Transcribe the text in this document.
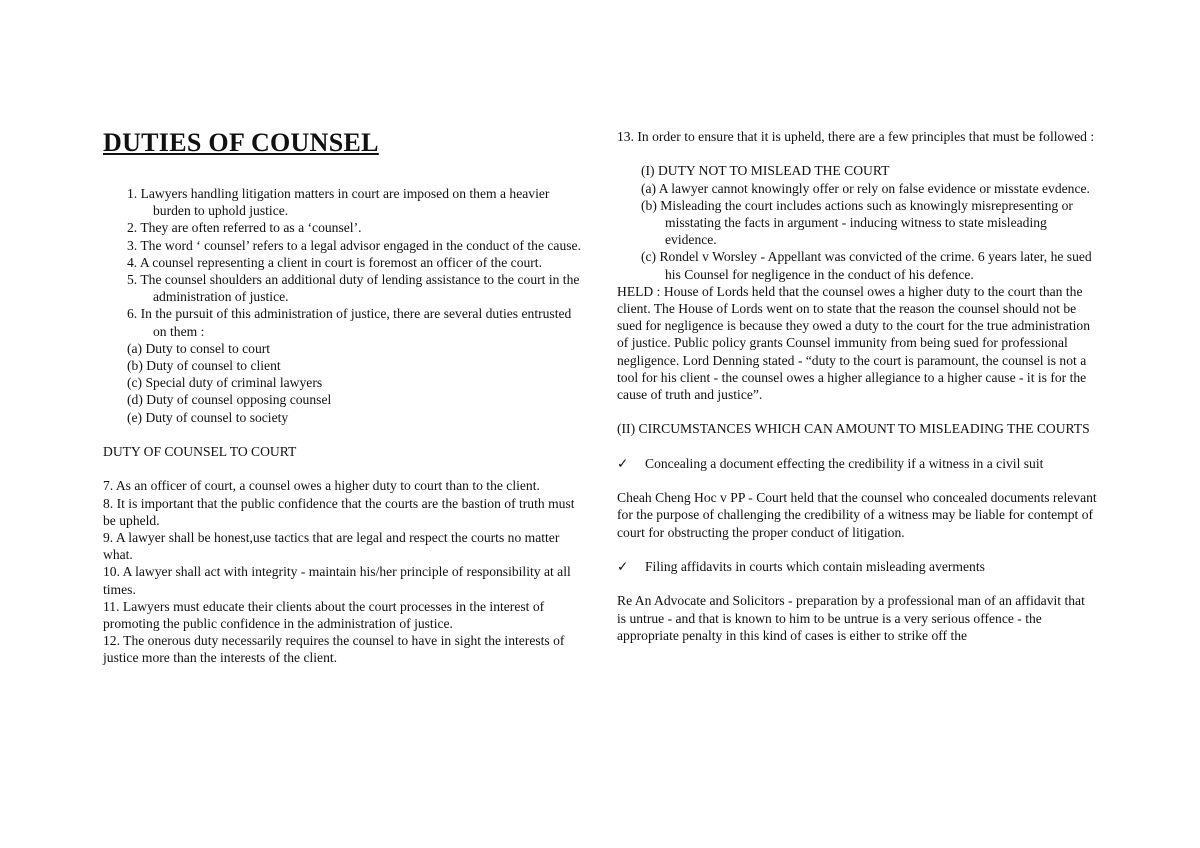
DUTIES OF COUNSEL

1. Lawyers handling litigation matters in court are imposed on them a heavier burden to uphold justice.

2. They are often referred to as a ‘counsel’.

3. The word ‘ counsel’ refers to a legal advisor engaged in the conduct of the cause.

4. A counsel representing a client in court is foremost an officer of the court.

5. The counsel shoulders an additional duty of lending assistance to the court in the administration of justice.

6. In the pursuit of this administration of justice, there are several duties entrusted on them :

(a) Duty to consel to court

(b) Duty of counsel to client

(c) Special duty of criminal lawyers

(d) Duty of counsel opposing counsel

(e) Duty of counsel to society

DUTY OF COUNSEL TO COURT

7. As an officer of court, a counsel owes a higher duty to court than to the client.

8. It is important that the public confidence that the courts are the bastion of truth must be upheld.

9. A lawyer shall be honest,use tactics that are legal and respect the courts no matter what.

10. A lawyer shall act with integrity - maintain his/her principle of responsibility at all times.

11. Lawyers must educate their clients about the court processes in the interest of promoting the public confidence in the administration of justice.

12. The onerous duty necessarily requires the counsel to have in sight the interests of justice more than the interests of the client.

13. In order to ensure that it is upheld, there are a few principles that must be followed :

(I) DUTY NOT TO MISLEAD THE COURT

(a) A lawyer cannot knowingly offer or rely on false evidence or misstate evdence.

(b) Misleading the court includes actions such as knowingly misrepresenting or misstating the facts in argument - inducing witness to state misleading evidence.

(c) Rondel v Worsley - Appellant was convicted of the crime. 6 years later, he sued his Counsel for negligence in the conduct of his defence.

HELD : House of Lords held that the counsel owes a higher duty to the court than the client. The House of Lords went on to state that the reason the counsel should not be sued for negligence is because they owed a duty to the court for the true administration of justice. Public policy grants Counsel immunity from being sued for professional negligence. Lord Denning stated - “duty to the court is paramount, the counsel is not a tool for his client - the counsel owes a higher allegiance to a higher cause - it is for the cause of truth and justice”.

(II) CIRCUMSTANCES WHICH CAN AMOUNT TO MISLEADING THE COURTS

✓	Concealing a document effecting the credibility if a witness in a civil suit

Cheah Cheng Hoc v PP - Court held that the counsel who concealed documents relevant for the purpose of challenging the credibility of a witness may be liable for contempt of court for obstructing the proper conduct of litigation.

✓	Filing affidavits in courts which contain misleading averments

Re An Advocate and Solicitors - preparation by a professional man of an affidavit that is untrue - and that is known to him to be untrue is a very serious offence - the appropriate penalty in this kind of cases is either to strike off the
